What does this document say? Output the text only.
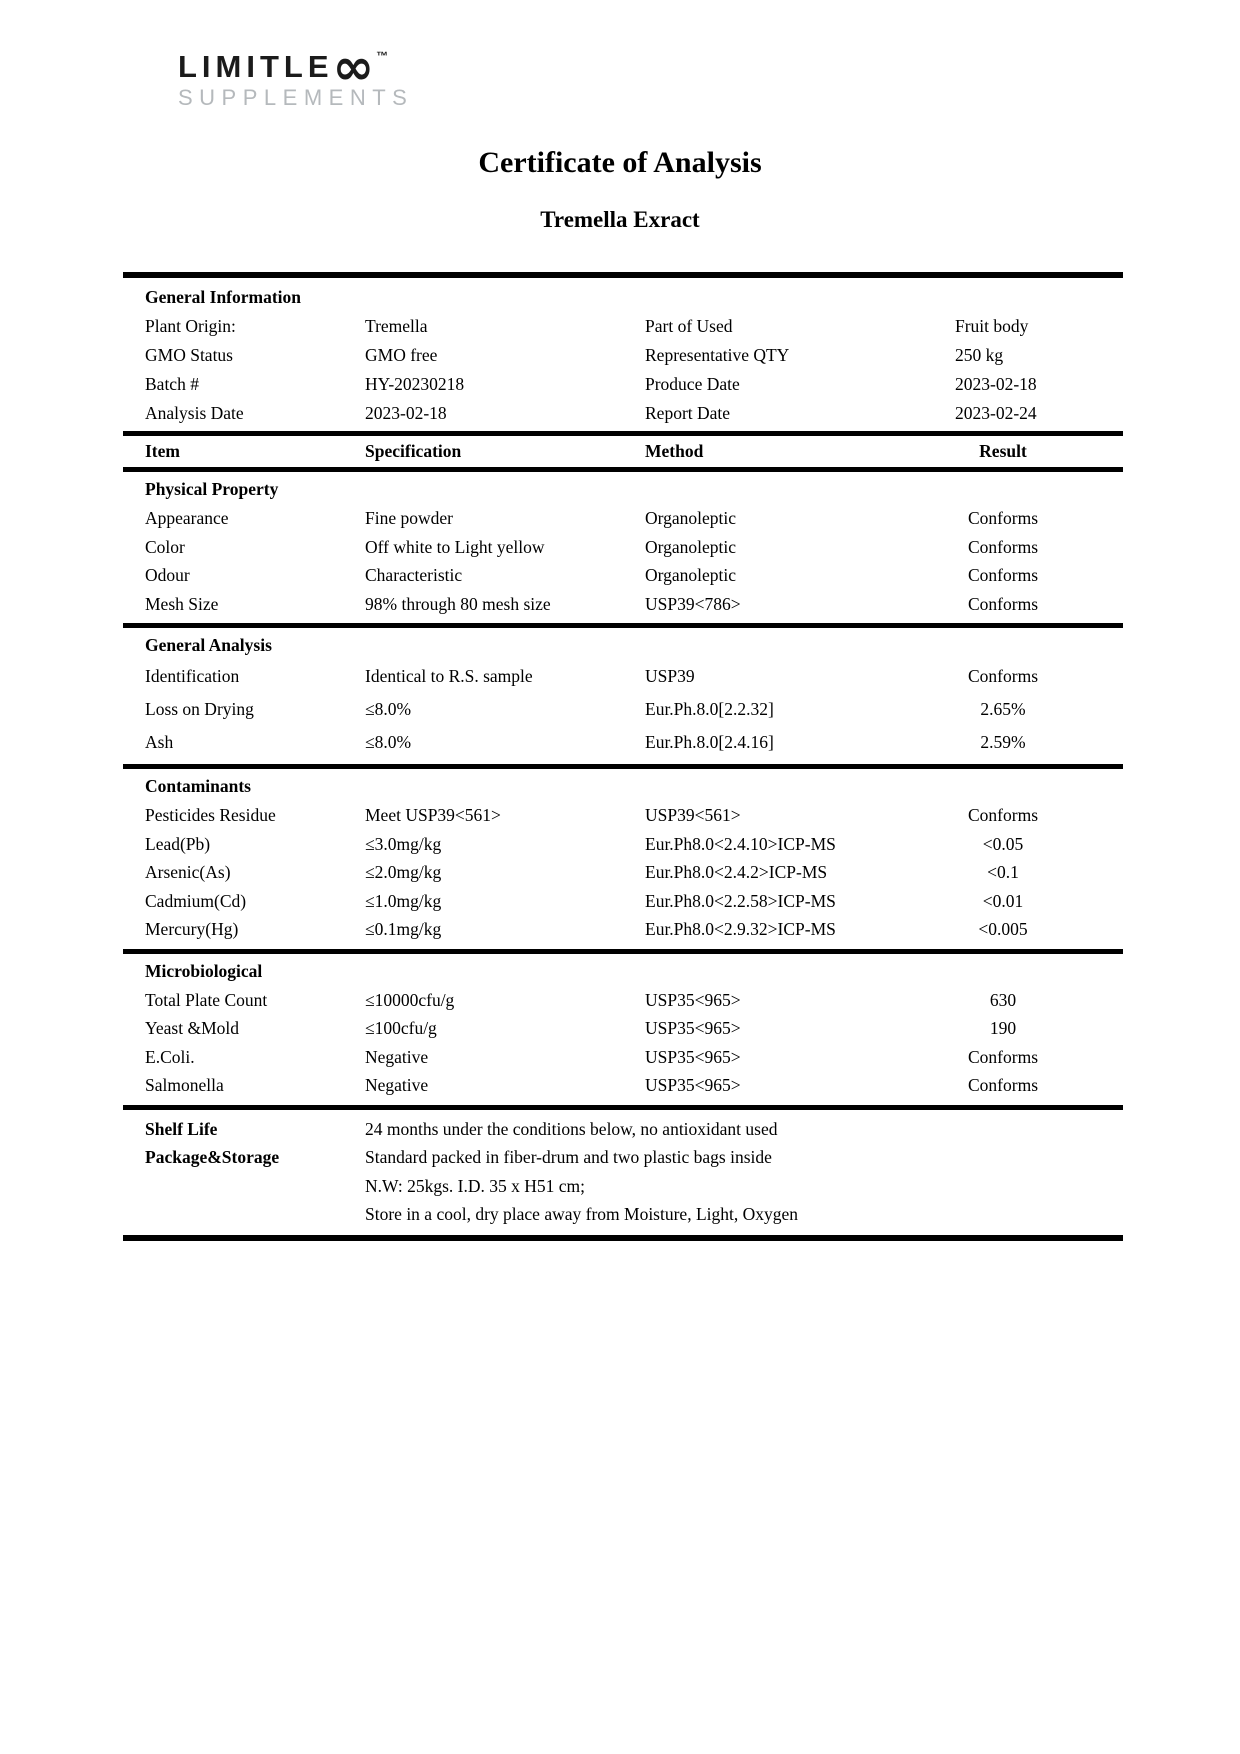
LIMITLE ∞ ™
SUPPLEMENTS
Certificate of Analysis
Tremella Exract
General Information
Plant Origin:	Tremella	Part of Used	Fruit body
GMO Status	GMO free	Representative QTY	250 kg
Batch #	HY-20230218	Produce Date	2023-02-18
Analysis Date	2023-02-18	Report Date	2023-02-24
Item	Specification	Method	Result
Physical Property
Appearance	Fine powder	Organoleptic	Conforms
Color	Off white to Light yellow	Organoleptic	Conforms
Odour	Characteristic	Organoleptic	Conforms
Mesh Size	98% through 80 mesh size	USP39<786>	Conforms
General Analysis
Identification	Identical to R.S. sample	USP39	Conforms
Loss on Drying	≤8.0%	Eur.Ph.8.0[2.2.32]	2.65%
Ash	≤8.0%	Eur.Ph.8.0[2.4.16]	2.59%
Contaminants
Pesticides Residue	Meet USP39<561>	USP39<561>	Conforms
Lead(Pb)	≤3.0mg/kg	Eur.Ph8.0<2.4.10>ICP-MS	<0.05
Arsenic(As)	≤2.0mg/kg	Eur.Ph8.0<2.4.2>ICP-MS	<0.1
Cadmium(Cd)	≤1.0mg/kg	Eur.Ph8.0<2.2.58>ICP-MS	<0.01
Mercury(Hg)	≤0.1mg/kg	Eur.Ph8.0<2.9.32>ICP-MS	<0.005
Microbiological
Total Plate Count	≤10000cfu/g	USP35<965>	630
Yeast &Mold	≤100cfu/g	USP35<965>	190
E.Coli.	Negative	USP35<965>	Conforms
Salmonella	Negative	USP35<965>	Conforms
Shelf Life	24 months under the conditions below, no antioxidant used
Package&Storage	Standard packed in fiber-drum and two plastic bags inside
N.W: 25kgs. I.D. 35 x H51 cm;
Store in a cool, dry place away from Moisture, Light, Oxygen
